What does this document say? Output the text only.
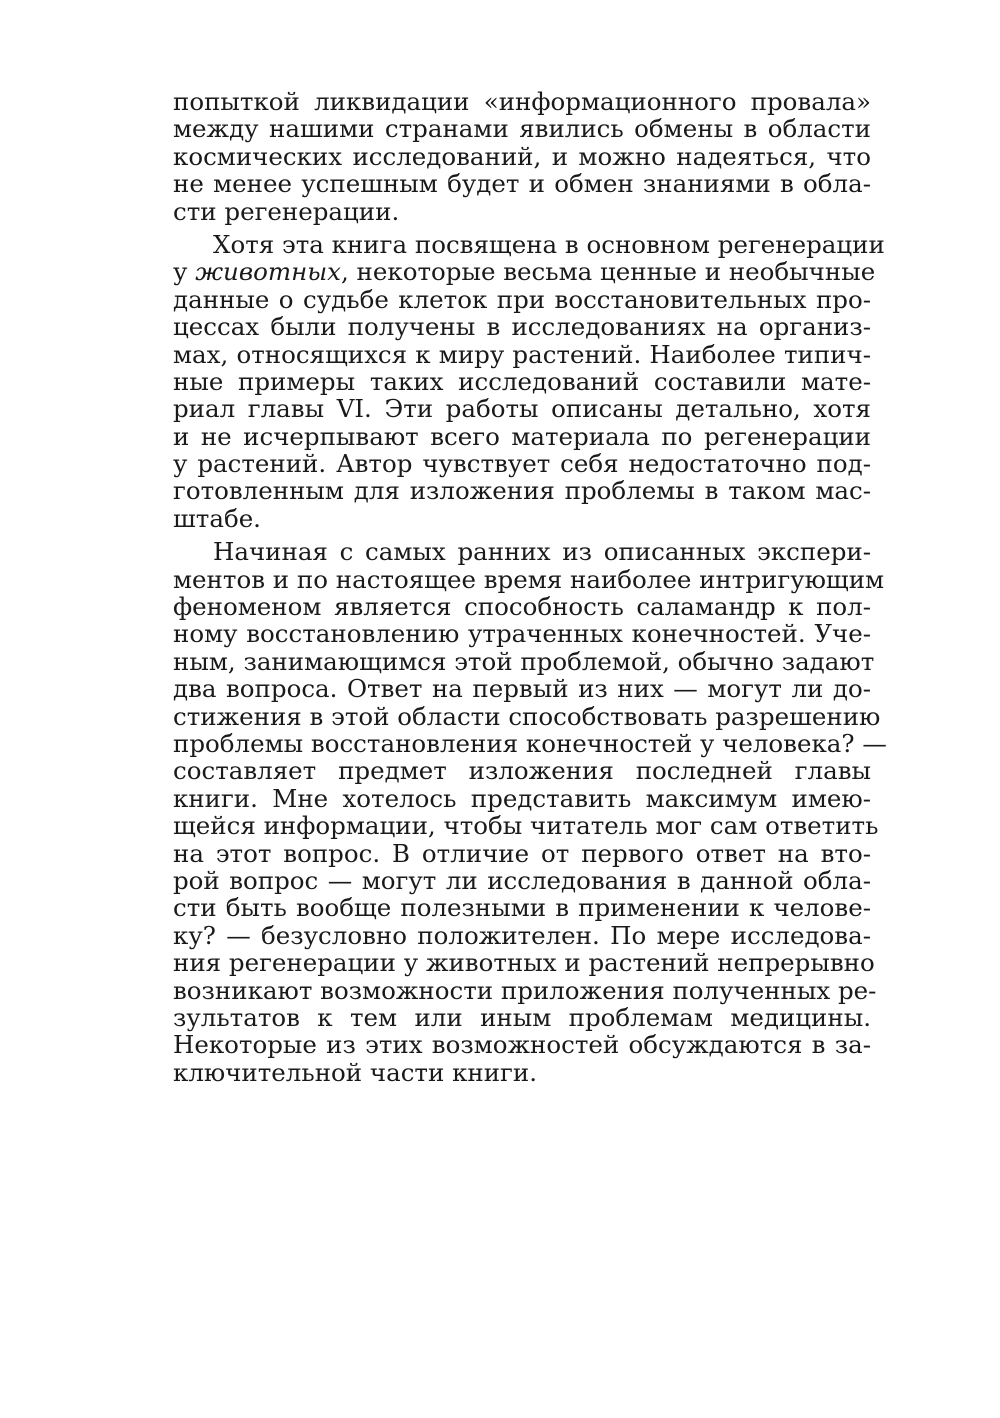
попыткой ликвидации «информационного провала»
между нашими странами явились обмены в области
космических исследований, и можно надеяться, что
не менее успешным будет и обмен знаниями в обла-
сти регенерации.
Хотя эта книга посвящена в основном регенерации
у животных, некоторые весьма ценные и необычные
данные о судьбе клеток при восстановительных про-
цессах были получены в исследованиях на организ-
мах, относящихся к миру растений. Наиболее типич-
ные примеры таких исследований составили мате-
риал главы VI. Эти работы описаны детально, хотя
и не исчерпывают всего материала по регенерации
у растений. Автор чувствует себя недостаточно под-
готовленным для изложения проблемы в таком мас-
штабе.
Начиная с самых ранних из описанных экспери-
ментов и по настоящее время наиболее интригующим
феноменом является способность саламандр к пол-
ному восстановлению утраченных конечностей. Уче-
ным, занимающимся этой проблемой, обычно задают
два вопроса. Ответ на первый из них — могут ли до-
стижения в этой области способствовать разрешению
проблемы восстановления конечностей у человека? —
составляет предмет изложения последней главы
книги. Мне хотелось представить максимум имею-
щейся информации, чтобы читатель мог сам ответить
на этот вопрос. В отличие от первого ответ на вто-
рой вопрос — могут ли исследования в данной обла-
сти быть вообще полезными в применении к челове-
ку? — безусловно положителен. По мере исследова-
ния регенерации у животных и растений непрерывно
возникают возможности приложения полученных ре-
зультатов к тем или иным проблемам медицины.
Некоторые из этих возможностей обсуждаются в за-
ключительной части книги.
